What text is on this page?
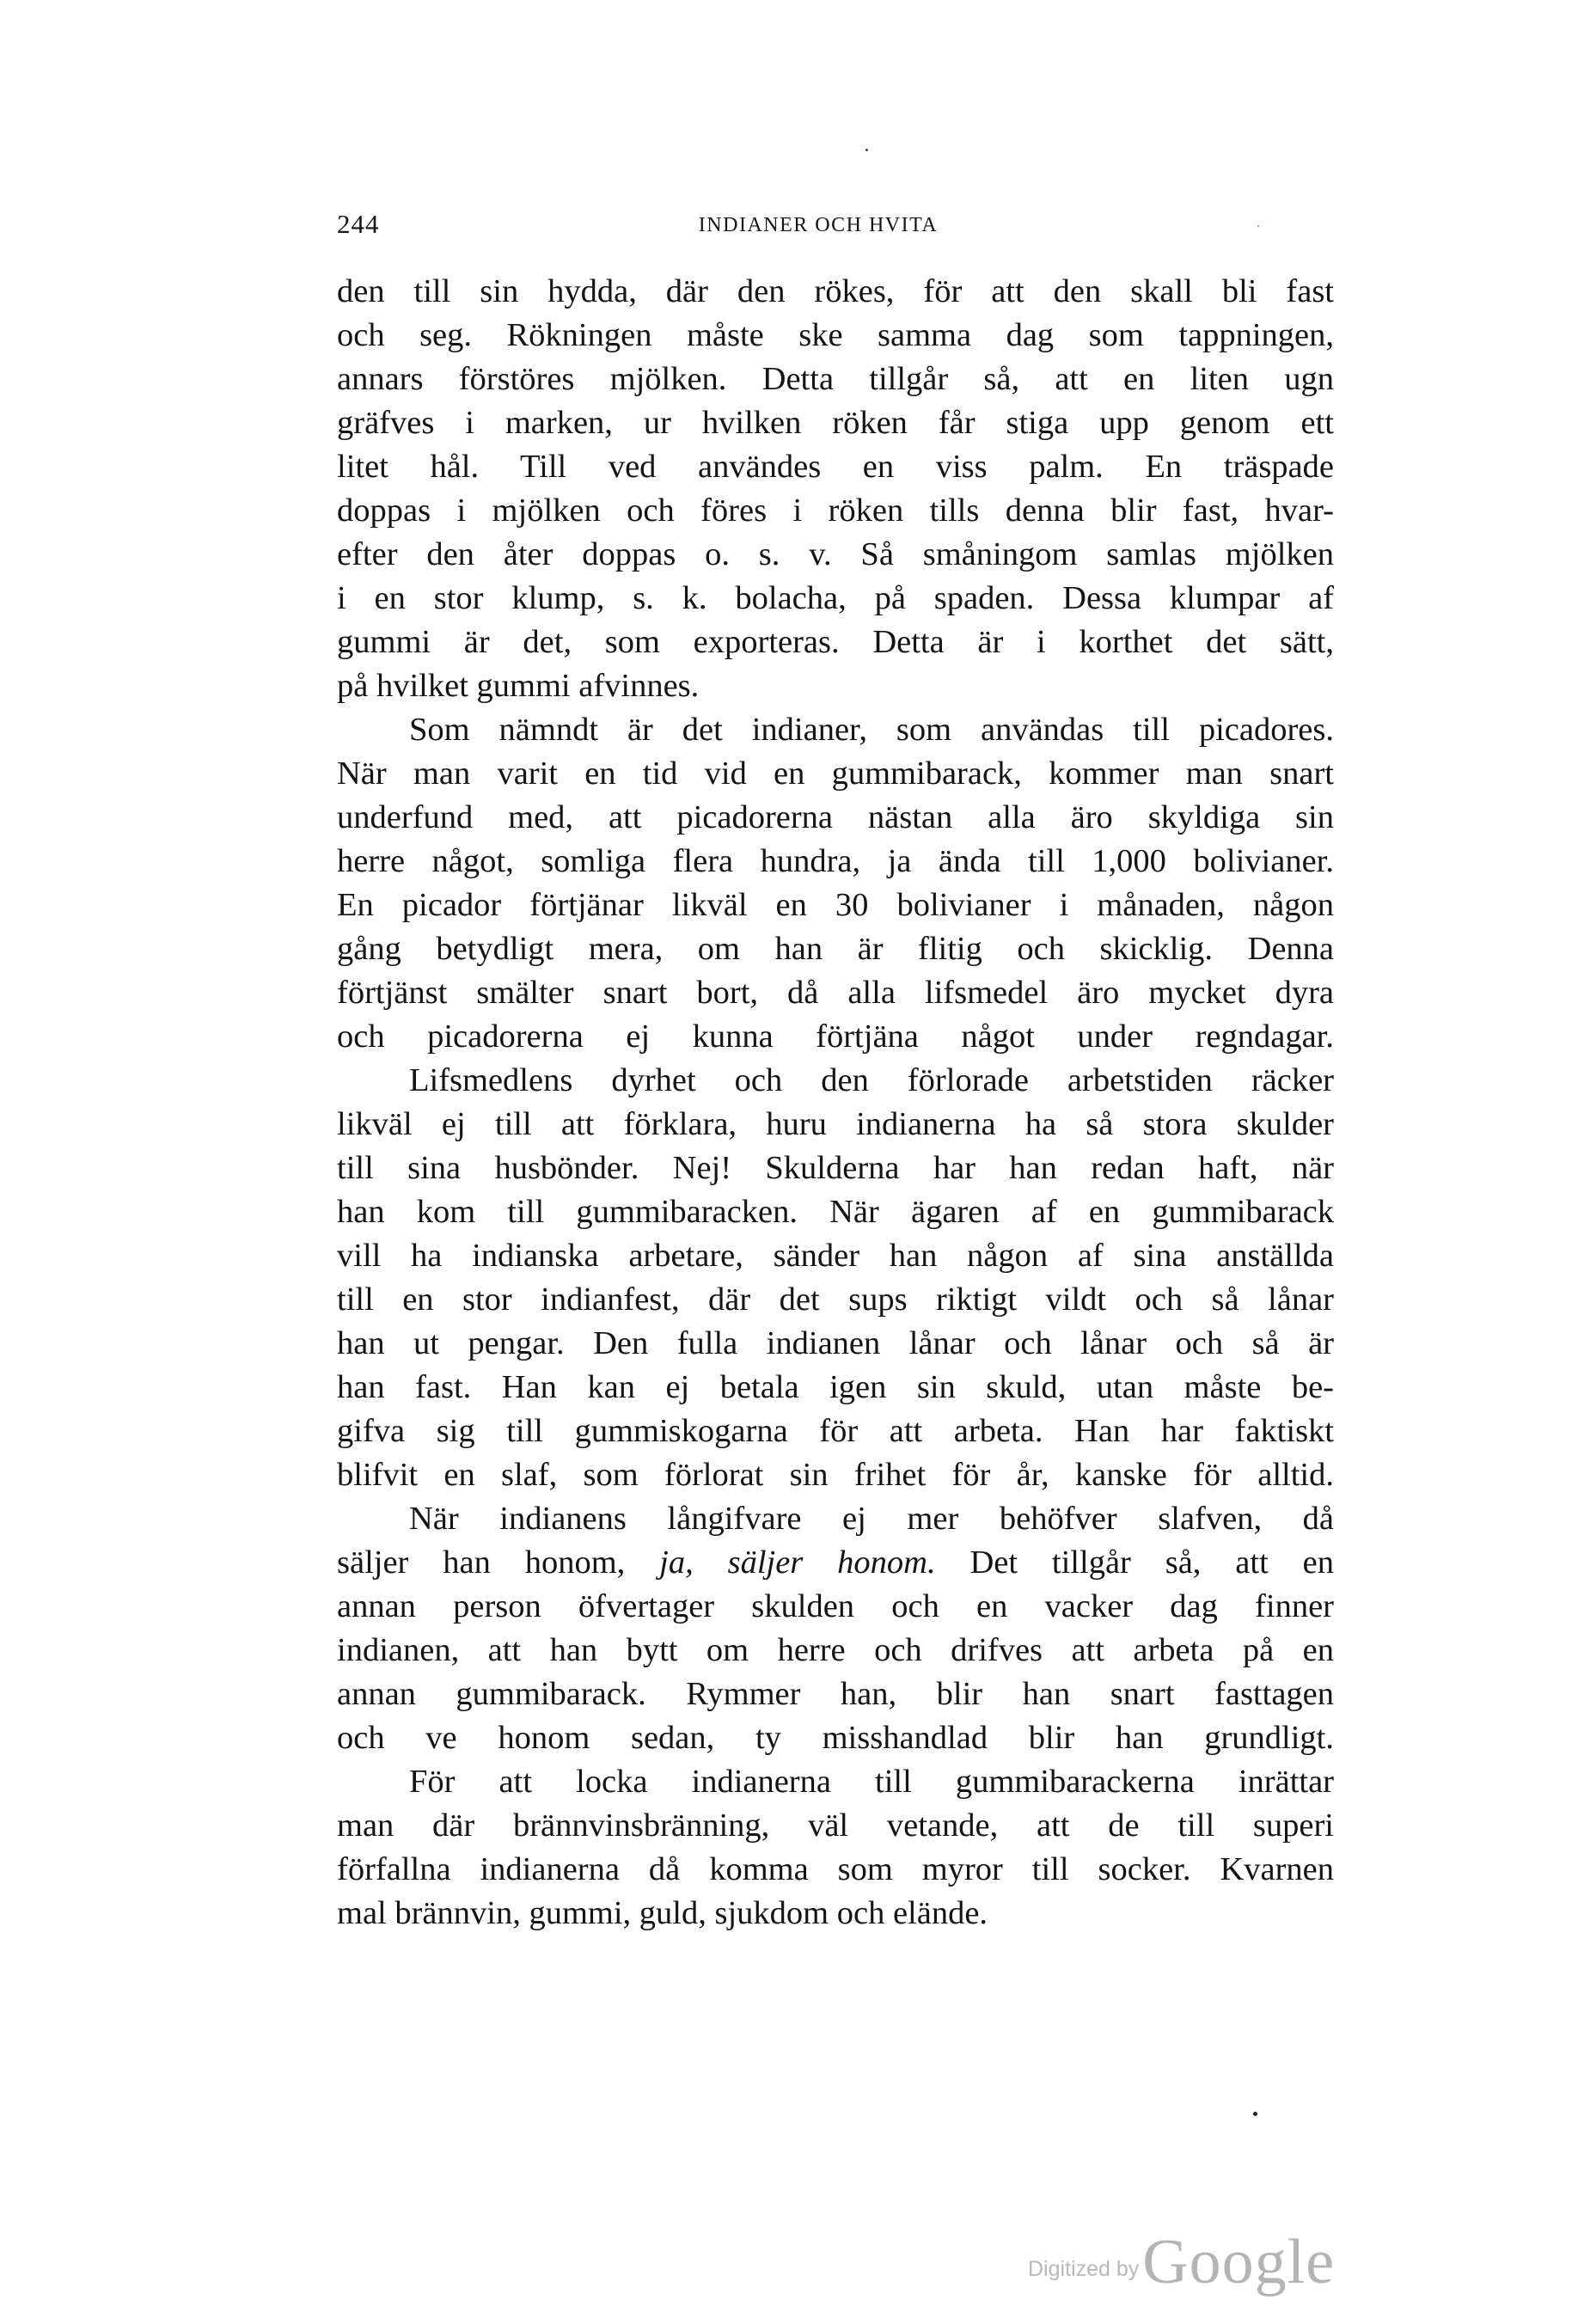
244	INDIANER OCH HVITA
den till sin hydda, där den rökes, för att den skall bli fast
och seg. Rökningen måste ske samma dag som tappningen,
annars förstöres mjölken. Detta tillgår så, att en liten ugn
gräfves i marken, ur hvilken röken får stiga upp genom ett
litet hål. Till ved användes en viss palm. En träspade
doppas i mjölken och föres i röken tills denna blir fast, hvar-
efter den åter doppas o. s. v. Så småningom samlas mjölken
i en stor klump, s. k. bolacha, på spaden. Dessa klumpar af
gummi är det, som exporteras. Detta är i korthet det sätt,
på hvilket gummi afvinnes.
Som nämndt är det indianer, som användas till picadores.
När man varit en tid vid en gummibarack, kommer man snart
underfund med, att picadorerna nästan alla äro skyldiga sin
herre något, somliga flera hundra, ja ända till 1,000 bolivianer.
En picador förtjänar likväl en 30 bolivianer i månaden, någon
gång betydligt mera, om han är flitig och skicklig. Denna
förtjänst smälter snart bort, då alla lifsmedel äro mycket dyra
och picadorerna ej kunna förtjäna något under regndagar.
Lifsmedlens dyrhet och den förlorade arbetstiden räcker
likväl ej till att förklara, huru indianerna ha så stora skulder
till sina husbönder. Nej! Skulderna har han redan haft, när
han kom till gummibaracken. När ägaren af en gummibarack
vill ha indianska arbetare, sänder han någon af sina anställda
till en stor indianfest, där det sups riktigt vildt och så lånar
han ut pengar. Den fulla indianen lånar och lånar och så är
han fast. Han kan ej betala igen sin skuld, utan måste be-
gifva sig till gummiskogarna för att arbeta. Han har faktiskt
blifvit en slaf, som förlorat sin frihet för år, kanske för alltid.
När indianens långifvare ej mer behöfver slafven, då
säljer han honom, ja, säljer honom. Det tillgår så, att en
annan person öfvertager skulden och en vacker dag finner
indianen, att han bytt om herre och drifves att arbeta på en
annan gummibarack. Rymmer han, blir han snart fasttagen
och ve honom sedan, ty misshandlad blir han grundligt.
För att locka indianerna till gummibarackerna inrättar
man där brännvinsbränning, väl vetande, att de till superi
förfallna indianerna då komma som myror till socker. Kvarnen
mal brännvin, gummi, guld, sjukdom och elände.
Digitized by Google
